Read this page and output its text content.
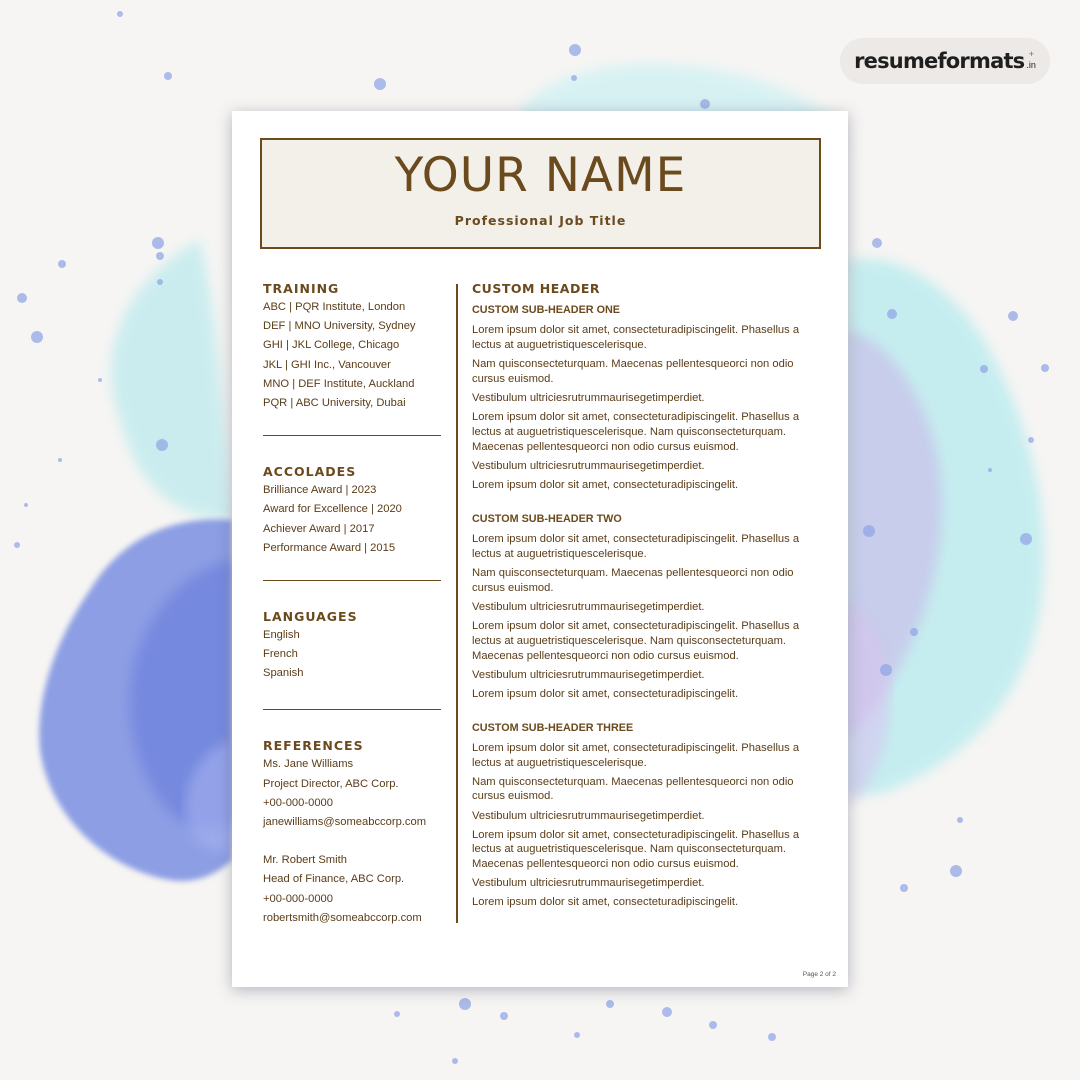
resumeformats .in
+
YOUR NAME
Professional Job Title
TRAINING
ABC | PQR Institute, London
DEF | MNO University, Sydney
GHI | JKL College, Chicago
JKL | GHI Inc., Vancouver
MNO | DEF Institute, Auckland
PQR | ABC University, Dubai
ACCOLADES
Brilliance Award | 2023
Award for Excellence | 2020
Achiever Award | 2017
Performance Award | 2015
LANGUAGES
English
French
Spanish
REFERENCES
Ms. Jane Williams
Project Director, ABC Corp.
+00-000-0000
janewilliams@someabccorp.com
Mr. Robert Smith
Head of Finance, ABC Corp.
+00-000-0000
robertsmith@someabccorp.com
CUSTOM HEADER
CUSTOM SUB-HEADER ONE
Lorem ipsum dolor sit amet, consecteturadipiscingelit. Phasellus a lectus at auguetristiquescelerisque.
Nam quisconsecteturquam. Maecenas pellentesqueorci non odio cursus euismod.
Vestibulum ultriciesrutrummaurisegetimperdiet.
Lorem ipsum dolor sit amet, consecteturadipiscingelit. Phasellus a lectus at auguetristiquescelerisque. Nam quisconsecteturquam. Maecenas pellentesqueorci non odio cursus euismod.
Vestibulum ultriciesrutrummaurisegetimperdiet.
Lorem ipsum dolor sit amet, consecteturadipiscingelit.
CUSTOM SUB-HEADER TWO
Lorem ipsum dolor sit amet, consecteturadipiscingelit. Phasellus a lectus at auguetristiquescelerisque.
Nam quisconsecteturquam. Maecenas pellentesqueorci non odio cursus euismod.
Vestibulum ultriciesrutrummaurisegetimperdiet.
Lorem ipsum dolor sit amet, consecteturadipiscingelit. Phasellus a lectus at auguetristiquescelerisque. Nam quisconsecteturquam. Maecenas pellentesqueorci non odio cursus euismod.
Vestibulum ultriciesrutrummaurisegetimperdiet.
Lorem ipsum dolor sit amet, consecteturadipiscingelit.
CUSTOM SUB-HEADER THREE
Lorem ipsum dolor sit amet, consecteturadipiscingelit. Phasellus a lectus at auguetristiquescelerisque.
Nam quisconsecteturquam. Maecenas pellentesqueorci non odio cursus euismod.
Vestibulum ultriciesrutrummaurisegetimperdiet.
Lorem ipsum dolor sit amet, consecteturadipiscingelit. Phasellus a lectus at auguetristiquescelerisque. Nam quisconsecteturquam. Maecenas pellentesqueorci non odio cursus euismod.
Vestibulum ultriciesrutrummaurisegetimperdiet.
Lorem ipsum dolor sit amet, consecteturadipiscingelit.
Page 2 of 2
